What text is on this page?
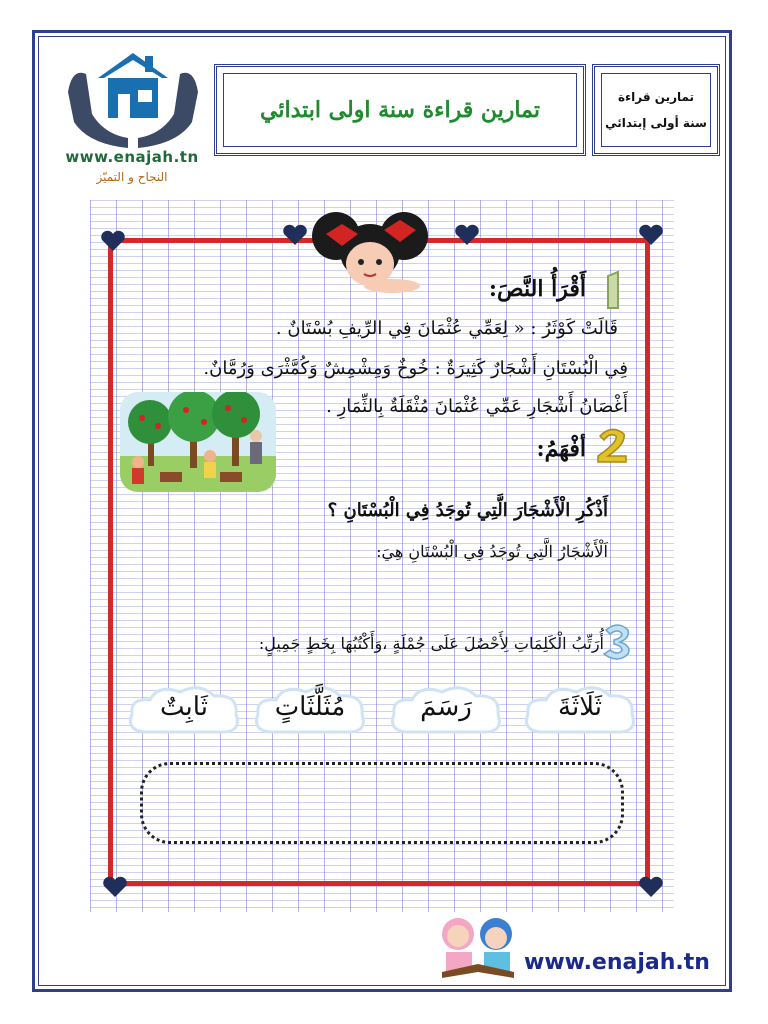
www.enajah.tn
النجاح و التميّز
تمارين قراءة سنة اولى ابتدائي	تمارين قراءة
سنة أولى إبتدائي
أَقْرَأُ النَّصَ:
قَالَتْ كَوْثَرُ : « لِعَمِّي عُثْمَانَ فِي الرِّيفِ بُسْتَانٌ .
فِي الْبُسْتَانِ أَشْجَارٌ كَثِيرَةٌ : خُوخٌ وَمِشْمِشٌ وَكُمَّثْرَى وَرُمَّانٌ.
أَغْصَانُ أَشْجَارِ عَمِّي عُثْمَانَ مُثْقَلَةٌ بِالثِّمَارِ .
أفْهَمُ:
أَذْكُرِ الْأَشْجَارَ الَّتِي تُوجَدُ فِي الْبُسْتَانِ ؟
اَلْأَشْجَارُ الَّتِي تُوجَدُ فِي الْبُسْتَانِ هِيَ:
أُرَتِّبُ الْكَلِمَاتِ لِأَحْصُلَ عَلَى جُمْلَةٍ ،وَأَكْتُبُهَا بِخَطٍ جَمِيلٍ:
ثَلَاثَةَ
رَسَمَ
مُثَلَّثَاتٍ
ثَابِتٌ
www.enajah.tn
